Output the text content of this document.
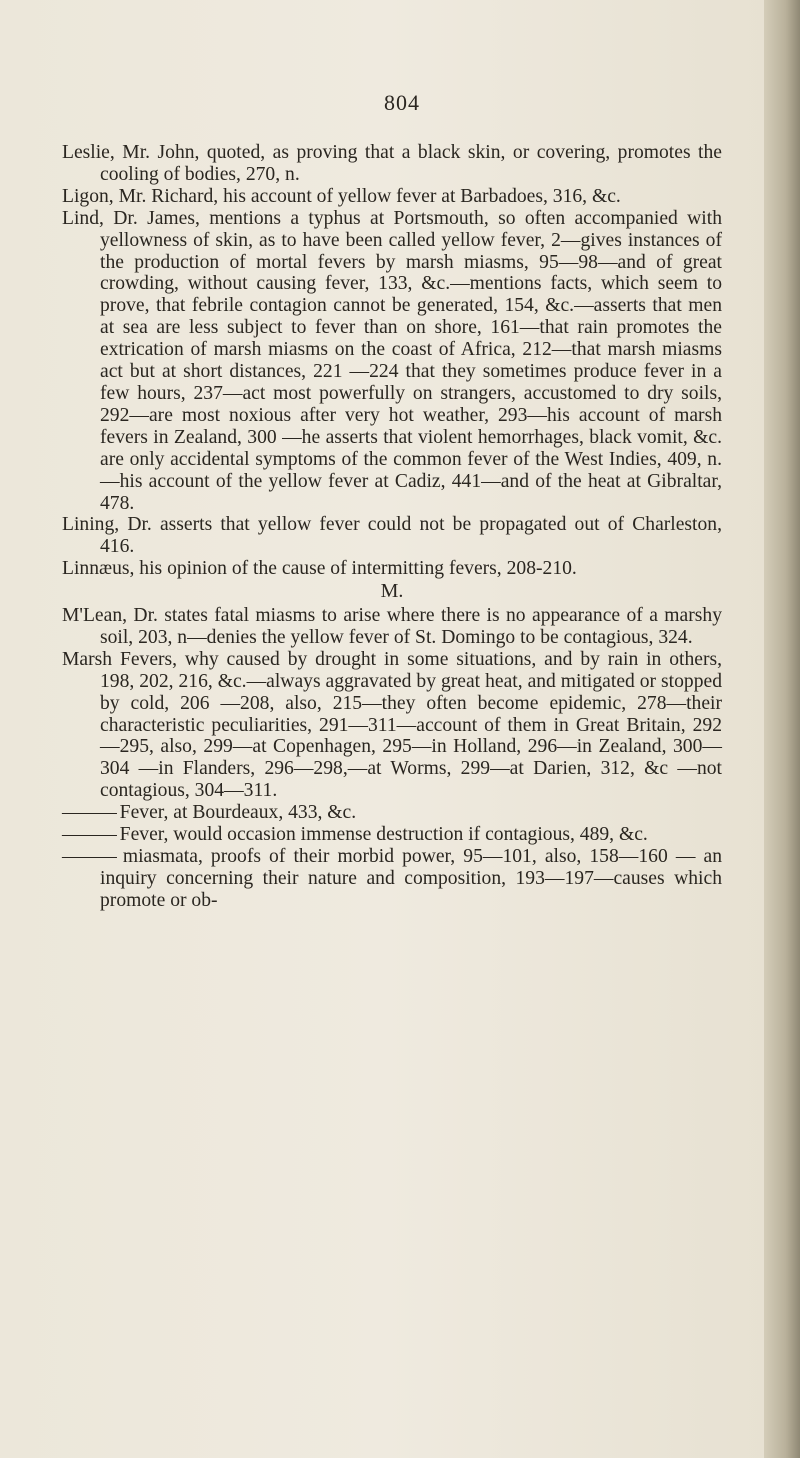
804

Leslie, Mr. John, quoted, as proving that a black skin, or covering, promotes the cooling of bodies, 270, n.

Ligon, Mr. Richard, his account of yellow fever at Barbadoes, 316, &c.

Lind, Dr. James, mentions a typhus at Portsmouth, so often accompanied with yellowness of skin, as to have been called yellow fever, 2—gives instances of the production of mortal fevers by marsh miasms, 95—98—and of great crowding, without causing fever, 133, &c.—mentions facts, which seem to prove, that febrile contagion cannot be generated, 154, &c.—asserts that men at sea are less subject to fever than on shore, 161—that rain promotes the extrication of marsh miasms on the coast of Africa, 212—that marsh miasms act but at short distances, 221 —224 that they sometimes produce fever in a few hours, 237—act most powerfully on strangers, accustomed to dry soils, 292—are most noxious after very hot weather, 293—his account of marsh fevers in Zealand, 300 —he asserts that violent hemorrhages, black vomit, &c. are only accidental symptoms of the common fever of the West Indies, 409, n.—his account of the yellow fever at Cadiz, 441—and of the heat at Gibraltar, 478.

Lining, Dr. asserts that yellow fever could not be propagated out of Charleston, 416.

Linnæus, his opinion of the cause of intermitting fevers, 208-210.

M.

M'Lean, Dr. states fatal miasms to arise where there is no appearance of a marshy soil, 203, n—denies the yellow fever of St. Domingo to be contagious, 324.

Marsh Fevers, why caused by drought in some situations, and by rain in others, 198, 202, 216, &c.—always aggravated by great heat, and mitigated or stopped by cold, 206 —208, also, 215—they often become epidemic, 278—their characteristic peculiarities, 291—311—account of them in Great Britain, 292—295, also, 299—at Copenhagen, 295—in Holland, 296—in Zealand, 300—304 —in Flanders, 296—298,—at Worms, 299—at Darien, 312, &c —not contagious, 304—311.

——— Fever, at Bourdeaux, 433, &c.

——— Fever, would occasion immense destruction if contagious, 489, &c.

——— miasmata, proofs of their morbid power, 95—101, also, 158—160 — an inquiry concerning their nature and composition, 193—197—causes which promote or ob-
